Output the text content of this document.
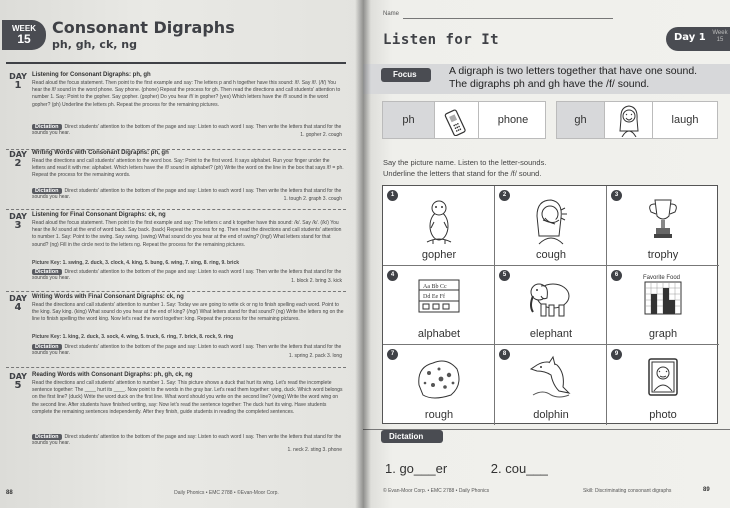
WEEK
15
Consonant Digraphs
ph, gh, ck, ng
DAY
1
Listening for Consonant Digraphs: ph, gh
Read aloud the focus statement. Then point to the first example and say: The letters p and h together have this sound: /f/. Say /f/. (/f/) You hear the /f/ sound in the word phone. Say phone. (phone) Repeat the process for gh. Then read the directions and call students' attention to number 1. Say: Point to the gopher. Say gopher. (gopher) Do you hear /f/ in gopher? (yes) Which letters have the /f/ sound in the word gopher? (ph) Underline the letters ph. Repeat the process for the remaining pictures.
Dictation Direct students' attention to the bottom of the page and say: Listen to each word I say. Then write the letters that stand for the sounds you hear.	1. gopher 2. cough
DAY
2
Writing Words with Consonant Digraphs: ph, gh
Read the directions and call students' attention to the word box. Say: Point to the first word. It says alphabet. Run your finger under the letters and read it with me: alphabet. Which letters have the /f/ sound in alphabet? (ph) Write the word on the line in the box that says /f/ = ph. Repeat the process for the remaining words.
Dictation Direct students' attention to the bottom of the page and say: Listen to each word I say. Then write the letters that stand for the sounds you hear.	1. tough 2. graph 3. cough
DAY
3
Listening for Final Consonant Digraphs: ck, ng
Read aloud the focus statement. Then point to the first example and say: The letters c and k together have this sound: /k/. Say /k/. (/k/) You hear the /k/ sound at the end of word back. Say back. (back) Repeat the process for ng. Then read the directions and call students' attention to number 1. Say: Point to the swing. Say swing. (swing) What sound do you hear at the end of swing? (/ng/) What letters stand for that sound? (ng) Fill in the circle next to the letters ng. Repeat the process for the remaining pictures.
Picture Key: 1. swing, 2. duck, 3. clock, 4. king, 5. bung, 6. wing, 7. sing, 8. ring, 9. brick
Dictation Direct students' attention to the bottom of the page and say: Listen to each word I say. Then write the letters that stand for the sounds you hear.	1. block 2. bring 3. kick
DAY
4
Writing Words with Final Consonant Digraphs: ck, ng
Read the directions and call students' attention to number 1. Say: Today we are going to write ck or ng to finish spelling each word. Point to the king. Say king. (king) What sound do you hear at the end of king? (/ng/) What letters stand for that sound? (ng) Write the letters ng on the line to finish spelling the word king. Now let's read the word together: king. Repeat the process for the remaining pictures.
Picture Key: 1. king, 2. duck, 3. sock, 4. wing, 5. truck, 6. ring, 7. brick, 8. rock, 9. ring
Dictation Direct students' attention to the bottom of the page and say: Listen to each word I say. Then write the letters that stand for the sounds you hear.	1. spring 2. pack 3. long
DAY
5
Reading Words with Consonant Digraphs: ph, gh, ck, ng
Read the directions and call students' attention to number 1. Say: This picture shows a duck that hurt its wing. Let's read the incomplete sentence together: The ____ hurt its ____. Now point to the words in the gray bar. Let's read them together: wing, duck. Which word belongs on the first line? (duck) Write the word duck on the first line. What word should you write on the second line? (wing) Write the word wing on the second line. After students have finished writing, say: Now let's read the sentence together: The duck hurt its wing. Have students complete the remaining sentences independently. After they finish, guide students in reading the completed sentences.
Dictation Direct students' attention to the bottom of the page and say: Listen to each word I say. Then write the letters that stand for the sounds you hear.
1. neck 2. sting 3. phone
88	Daily Phonics • EMC 2788 • ©Evan-Moor Corp.
Name
Listen for It	Day 1	Week 15
Focus	A digraph is two letters together that have one sound.
The digraphs ph and gh have the /f/ sound.
ph	phone	gh	laugh
Say the picture name. Listen to the letter-sounds.
Underline the letters that stand for the /f/ sound.
1
gopher
2
cough
3
trophy
4
Aa Bb Cc
Dd Ee Ff
alphabet
5
elephant
6	Favorite Food
graph
7
rough
8
dolphin
9
photo
Dictation
1. go___er	2. cou___
© Evan-Moor Corp. • EMC 2788 • Daily Phonics	Skill: Discriminating consonant digraphs	89
